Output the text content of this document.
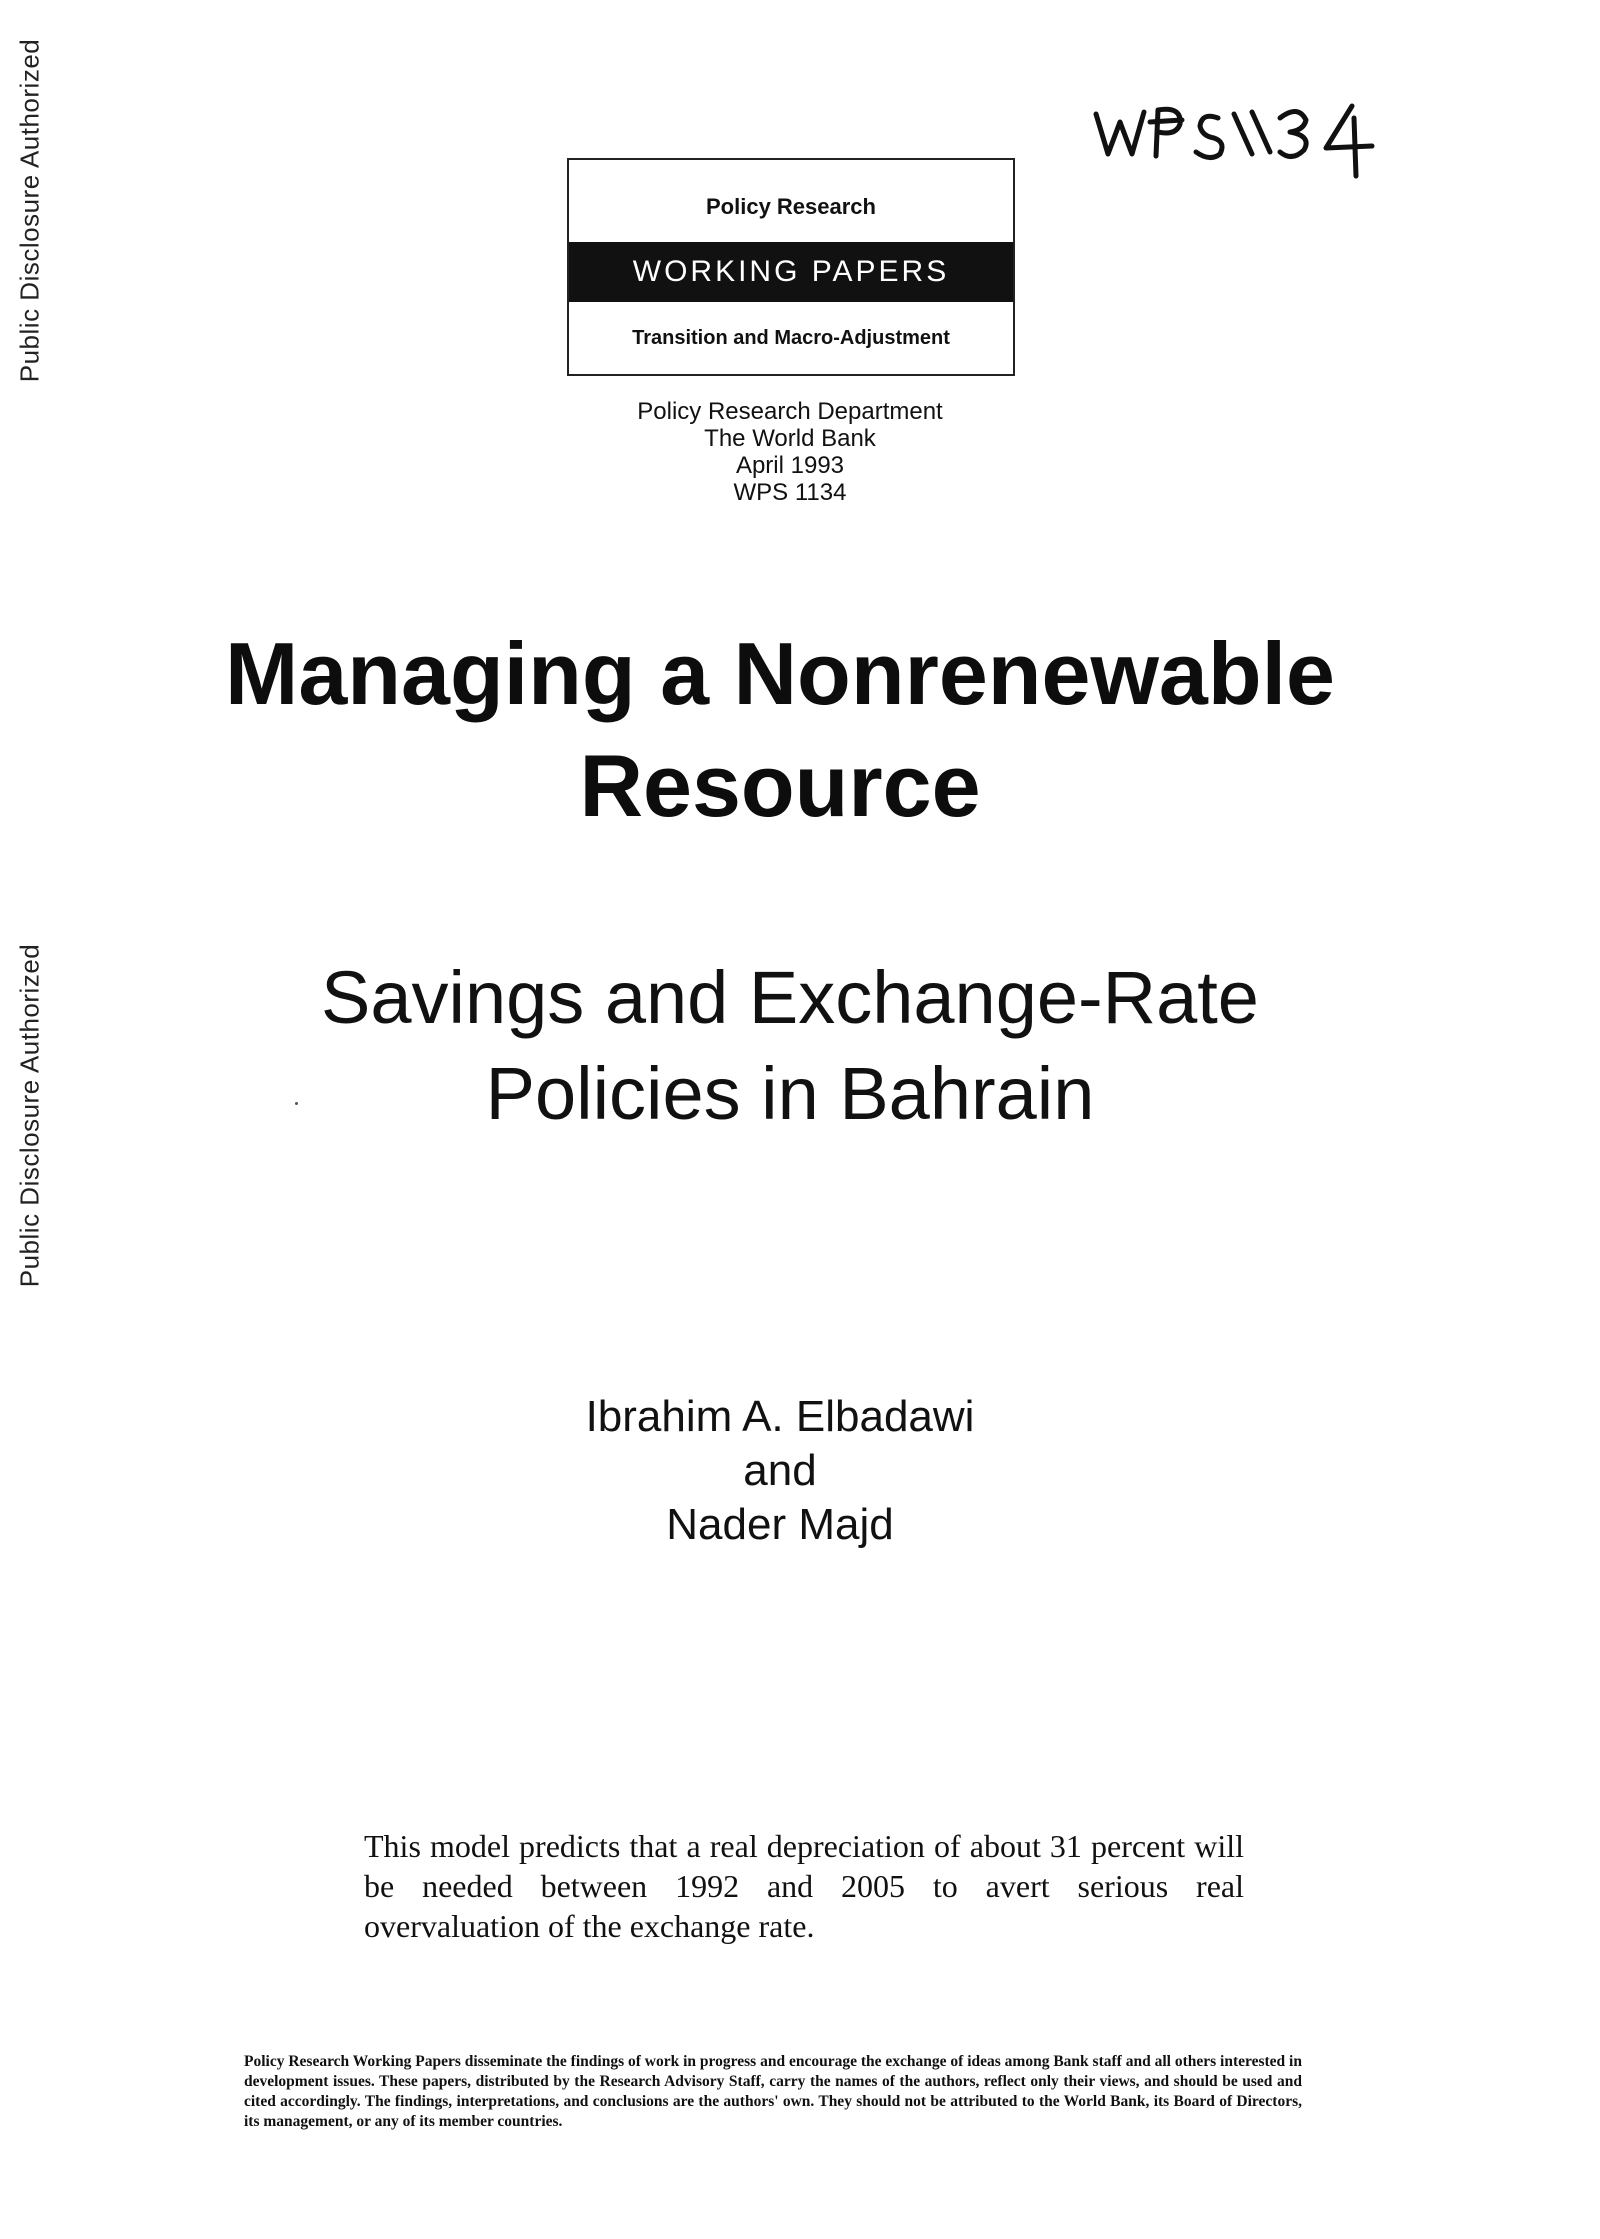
Public Disclosure Authorized
Public Disclosure Authorized
Policy Research
WORKING PAPERS
Transition and Macro-Adjustment
Policy Research Department
The World Bank
April 1993
WPS 1134
Managing a Nonrenewable
Resource
Savings and Exchange-Rate
Policies in Bahrain
Ibrahim A. Elbadawi
and
Nader Majd
This model predicts that a real depreciation of about 31 percent will be needed between 1992 and 2005 to avert serious real overvaluation of the exchange rate.
Policy Research Working Papers disseminate the findings of work in progress and encourage the exchange of ideas among Bank staff and all others interested in development issues. These papers, distributed by the Research Advisory Staff, carry the names of the authors, reflect only their views, and should be used and cited accordingly. The findings, interpretations, and conclusions are the authors' own. They should not be attributed to the World Bank, its Board of Directors, its management, or any of its member countries.
